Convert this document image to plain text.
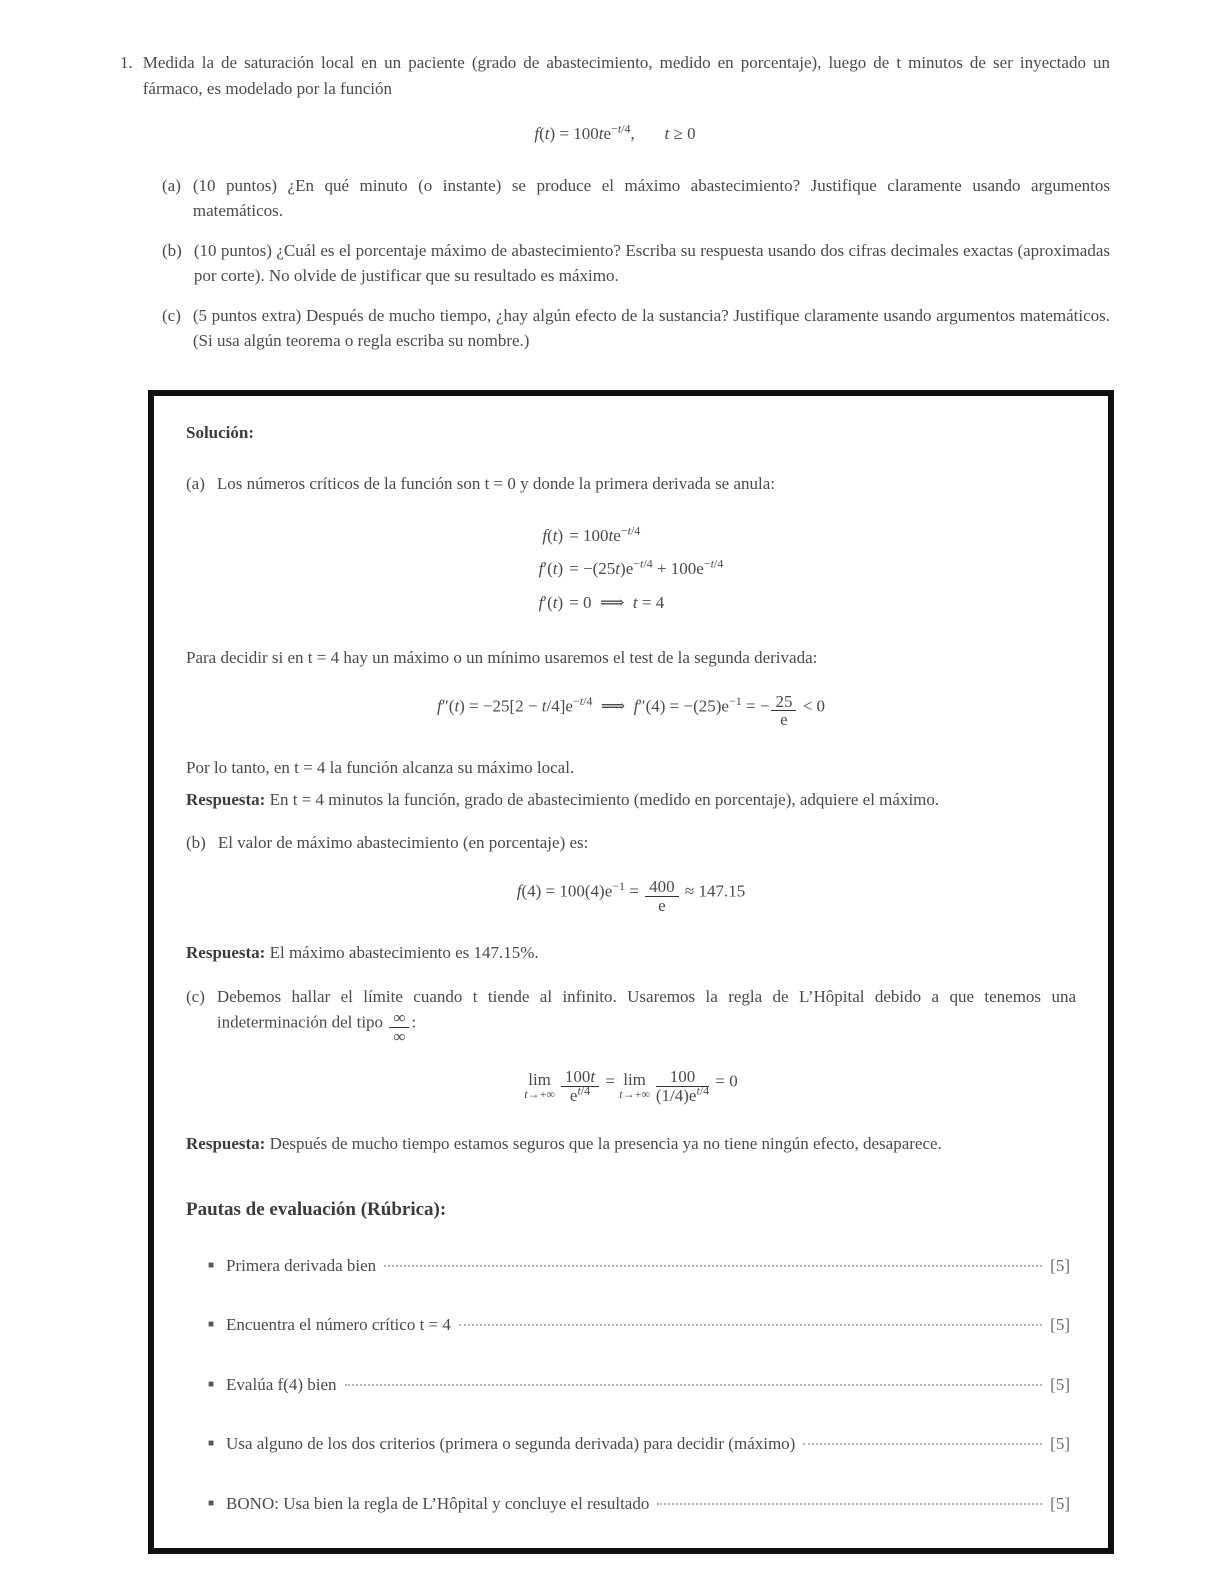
1. Medida la de saturación local en un paciente (grado de abastecimiento, medido en porcentaje), luego de t minutos de ser inyectado un fármaco, es modelado por la función
$f(t) = 100te^{-t/4}$,       t ≥ 0
(a) (10 puntos) ¿En qué minuto (o instante) se produce el máximo abastecimiento? Justifique claramente usando argumentos matemáticos.
(b) (10 puntos) ¿Cuál es el porcentaje máximo de abastecimiento? Escriba su respuesta usando dos cifras decimales exactas (aproximadas por corte). No olvide de justificar que su resultado es máximo.
(c) (5 puntos extra) Después de mucho tiempo, ¿hay algún efecto de la sustancia? Justifique claramente usando argumentos matemáticos. (Si usa algún teorema o regla escriba su nombre.)
Solución:
(a) Los números críticos de la función son t = 0 y donde la primera derivada se anula:
f(t)	= $100te^{-t/4}$
f′(t)	= $-(25t)e^{-t/4} + 100e^{-t/4}$
f′(t)	= 0  ⟹  t = 4
Para decidir si en t = 4 hay un máximo o un mínimo usaremos el test de la segunda derivada:
$f''(t) = -25[2 - t/4]e^{-t/4}$  ⟹  $f''(4) = -(25)e^{-1}$ = − $\frac{25}{e} < 0$
Por lo tanto, en t = 4 la función alcanza su máximo local.
Respuesta: En t = 4 minutos la función, grado de abastecimiento (medido en porcentaje), adquiere el máximo.
(b) El valor de máximo abastecimiento (en porcentaje) es:
$f(4) = 100(4)e^{-1} = \frac{400}{e} \approx 147.15$
Respuesta: El máximo abastecimiento es 147.15%.
(c) Debemos hallar el límite cuando t tiende al infinito. Usaremos la regla de L’Hôpital debido a que tenemos una indeterminación del tipo ∞
∞
:
lim
$t\to+\infty \frac{100t}{e^{t/4}} = \lim$
$t\to+\infty \frac{100}{(1/4)e^{t/4}} = 0$
Respuesta: Después de mucho tiempo estamos seguros que la presencia ya no tiene ningún efecto, desaparece.
Pautas de evaluación (Rúbrica):
■ Primera derivada bien	[5]
■ Encuentra el número crítico t = 4	[5]
■ Evalúa f(4) bien	[5]
■ Usa alguno de los dos criterios (primera o segunda derivada) para decidir (máximo)	[5]
■ BONO: Usa bien la regla de L’Hôpital y concluye el resultado	[5]
